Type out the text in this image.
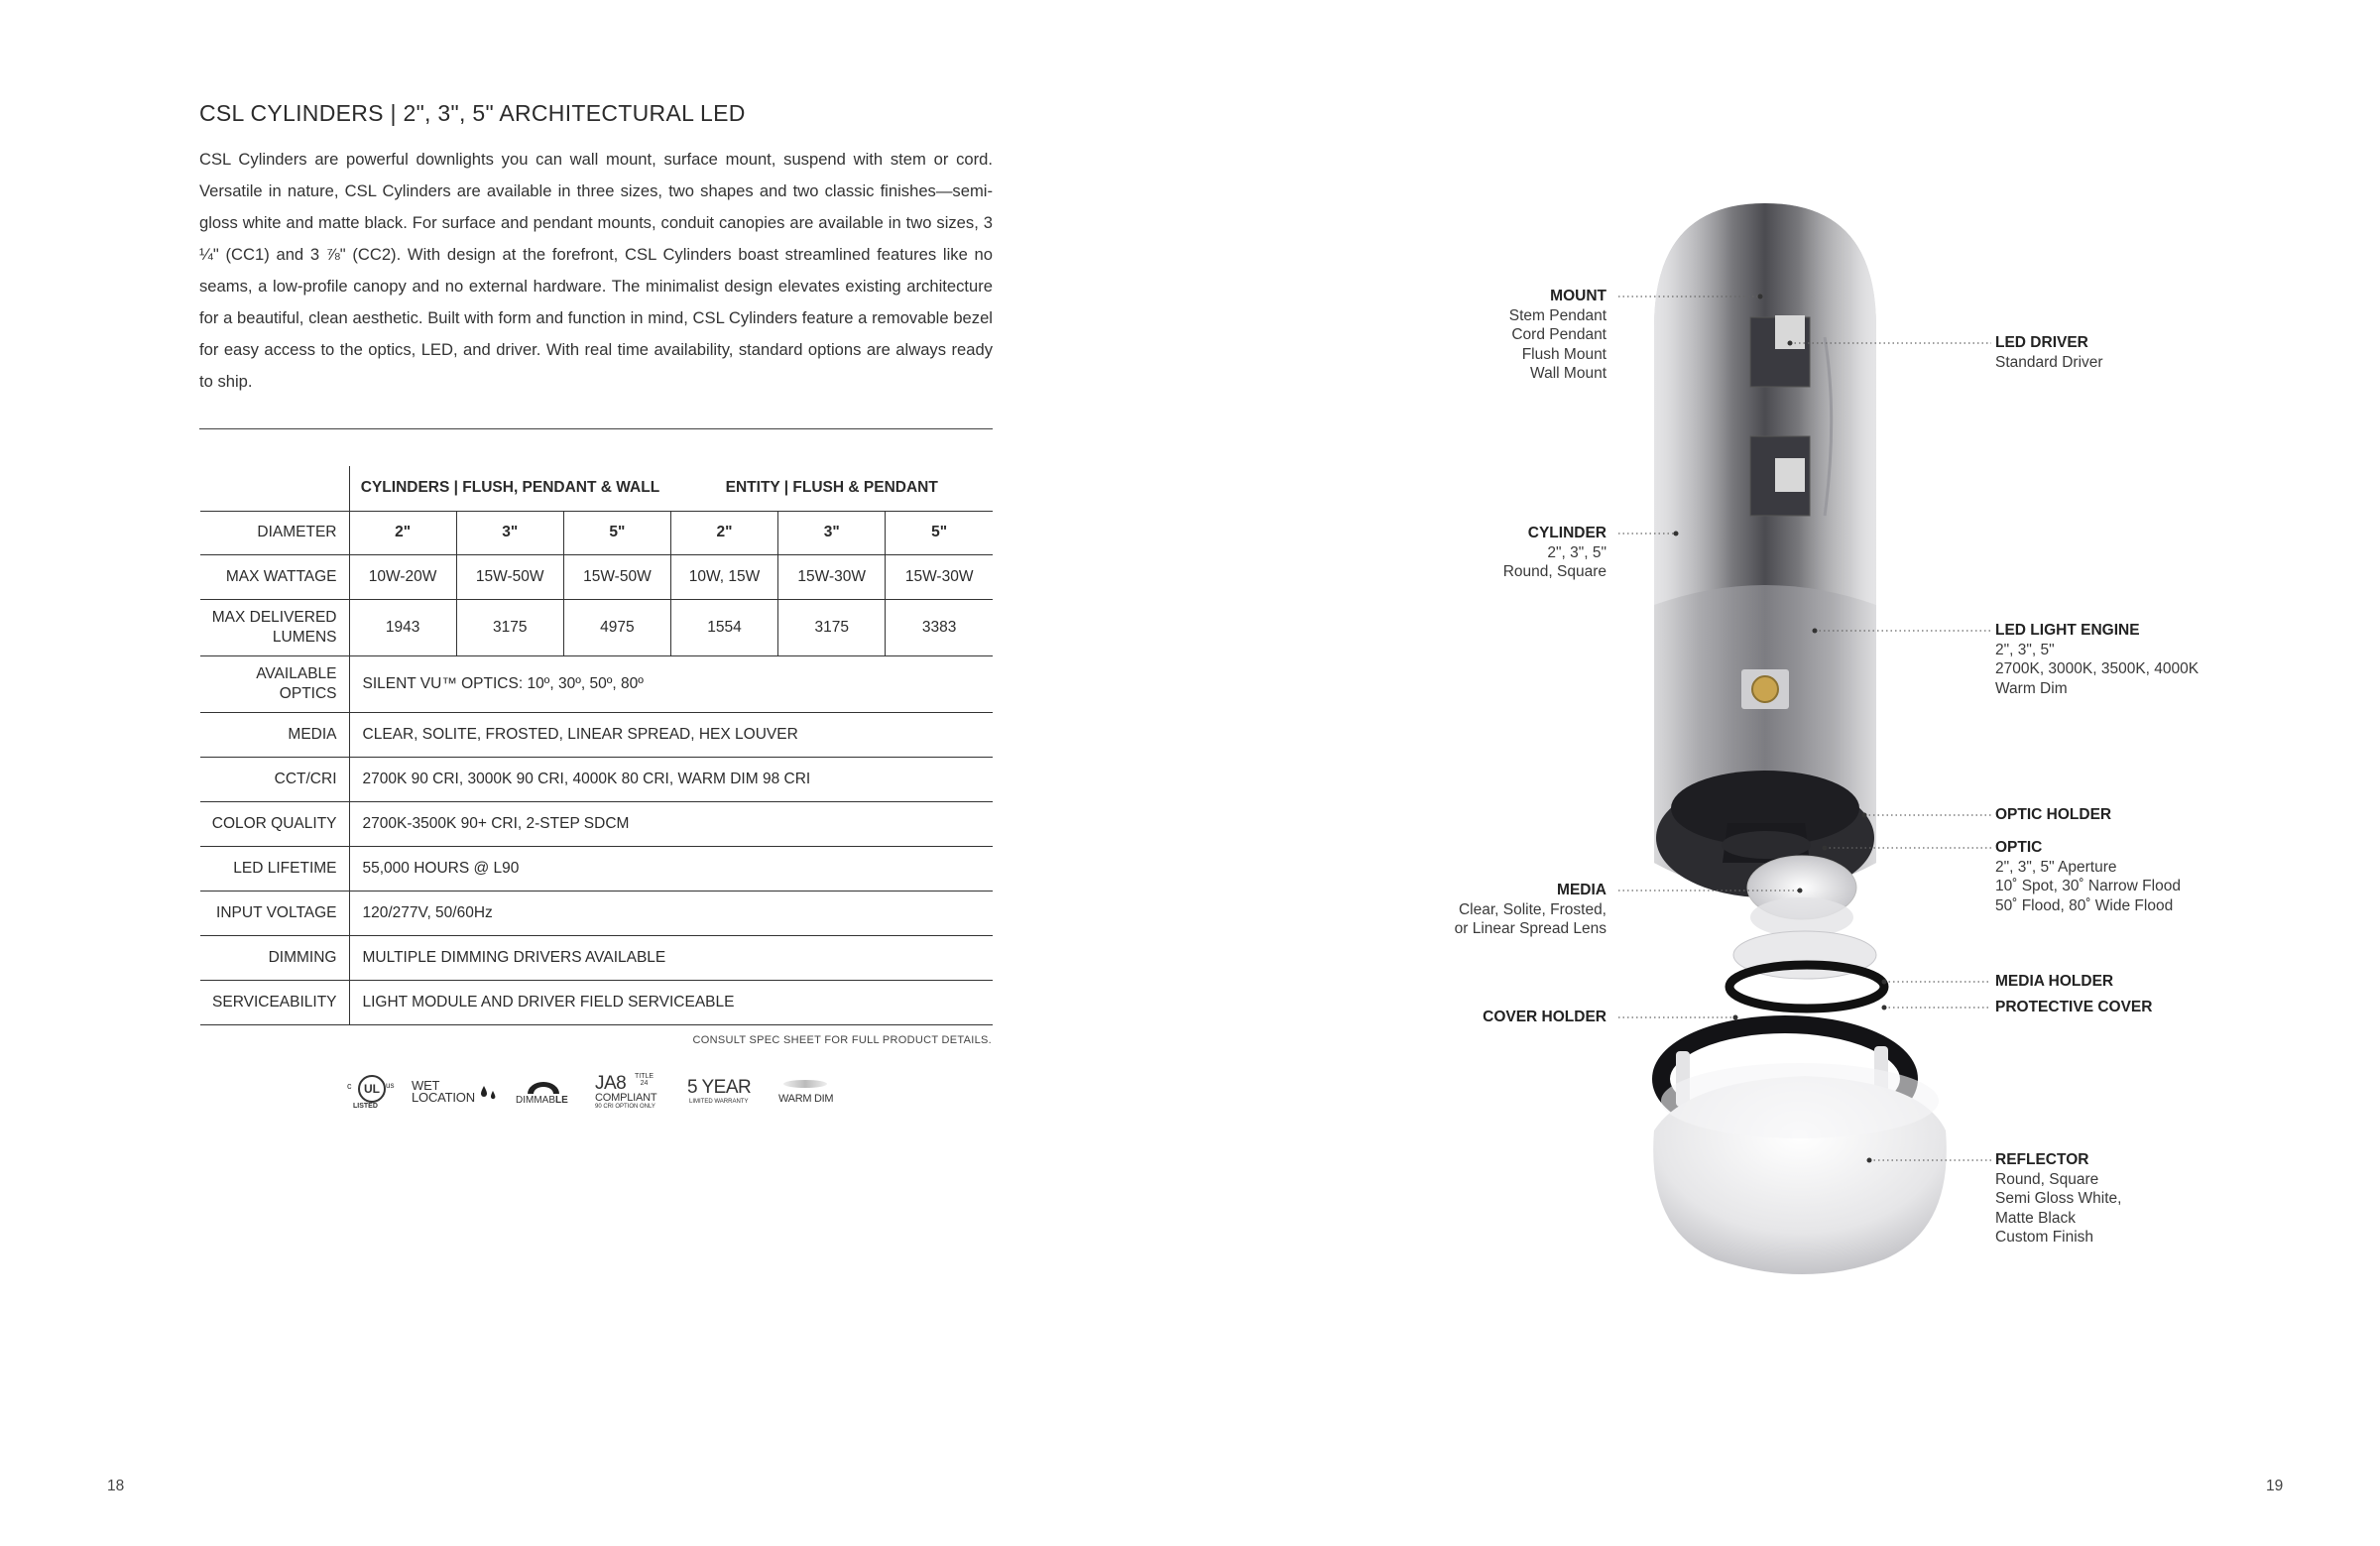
CSL CYLINDERS | 2", 3", 5" ARCHITECTURAL LED

CSL Cylinders are powerful downlights you can wall mount, surface mount, suspend with stem or cord. Versatile in nature, CSL Cylinders are available in three sizes, two shapes and two classic finishes—semi-gloss white and matte black. For surface and pendant mounts, conduit canopies are available in two sizes, 3 ¼" (CC1) and 3 ⅞" (CC2). With design at the forefront, CSL Cylinders boast streamlined features like no seams, a low-profile canopy and no external hardware. The minimalist design elevates existing architecture for a beautiful, clean aesthetic. Built with form and function in mind, CSL Cylinders feature a removable bezel for easy access to the optics, LED, and driver. With real time availability, standard options are always ready to ship.

	CYLINDERS | FLUSH, PENDANT & WALL			ENTITY | FLUSH & PENDANT		
DIAMETER	2"	3"	5"	2"	3"	5"
MAX WATTAGE	10W-20W	15W-50W	15W-50W	10W, 15W	15W-30W	15W-30W
MAX DELIVERED
LUMENS	1943	3175	4975	1554	3175	3383
AVAILABLE
OPTICS	SILENT VU™ OPTICS: 10º, 30º, 50º, 80º					
MEDIA	CLEAR, SOLITE, FROSTED, LINEAR SPREAD, HEX LOUVER					
CCT/CRI	2700K 90 CRI, 3000K 90 CRI, 4000K 80 CRI, WARM DIM 98 CRI					
COLOR QUALITY	2700K-3500K 90+ CRI, 2-STEP SDCM					
LED LIFETIME	55,000 HOURS @ L90					
INPUT VOLTAGE	120/277V, 50/60Hz					
DIMMING	MULTIPLE DIMMING DRIVERS AVAILABLE					
SERVICEABILITY	LIGHT MODULE AND DRIVER FIELD SERVICEABLE					
CONSULT SPEC SHEET FOR FULL PRODUCT DETAILS.
UL
c	us
LISTED
WET
LOCATION	DIMMABLE
JA8 TITLE
24
COMPLIANT
90 CRI OPTION ONLY
5 YEAR
LIMITED WARRANTY	WARM DIM
18
MOUNT
Stem Pendant
Cord Pendant
Flush Mount
Wall Mount
CYLINDER
2", 3", 5"
Round, Square
MEDIA
Clear, Solite, Frosted,
or Linear Spread Lens
COVER HOLDER
LED DRIVER
Standard Driver
LED LIGHT ENGINE
2", 3", 5"
2700K, 3000K, 3500K, 4000K
Warm Dim
OPTIC HOLDER
OPTIC
2", 3", 5" Aperture
10˚ Spot, 30˚ Narrow Flood
50˚ Flood, 80˚ Wide Flood
MEDIA HOLDER
PROTECTIVE COVER
REFLECTOR
Round, Square
Semi Gloss White,
Matte Black
Custom Finish
19
